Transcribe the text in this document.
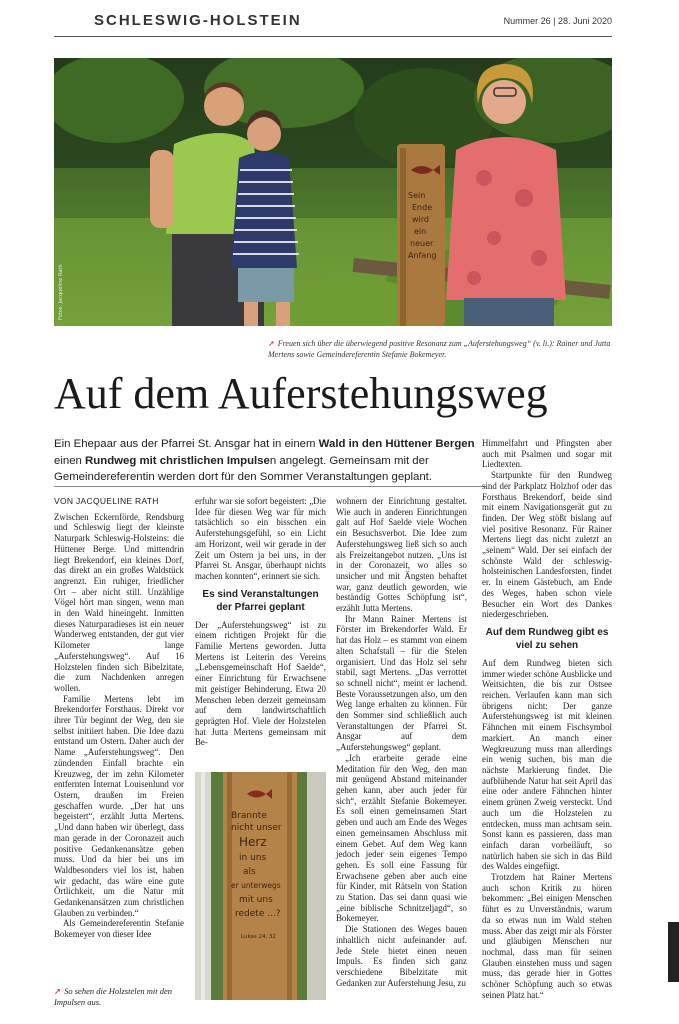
SCHLESWIG-HOLSTEIN	Nummer 26 | 28. Juni 2020
Sein
Ende
wird
ein
neuer
Anfang
Fotos: Jacqueline Rath
➚ Freuen sich über die überwiegend positive Resonanz zum „Auferstehungsweg“ (v. li.): Rainer und Jutta Mertens sowie Gemeindereferentin Stefanie Bokemeyer.
Auf dem Auferstehungsweg
Ein Ehepaar aus der Pfarrei St. Ansgar hat in einem Wald in den Hüttener Bergen einen Rundweg mit christlichen Impulsen angelegt. Gemeinsam mit der Gemeindereferentin werden dort für den Sommer Veranstaltungen geplant.
VON JACQUELINE RATH

Zwischen Eckernförde, Rendsburg und Schleswig liegt der kleinste Naturpark Schleswig-Holsteins: die Hüttener Berge. Und mittendrin liegt Brekendorf, ein kleines Dorf, das direkt an ein großes Waldstück angrenzt. Ein ruhiger, friedlicher Ort – aber nicht still. Unzählige Vögel hört man singen, wenn man in den Wald hineingeht. Inmitten dieses Naturparadieses ist ein neuer Wanderweg entstanden, der gut vier Kilometer lange „Auferstehungsweg“. Auf 16 Holzstelen finden sich Bibelzitate, die zum Nachdenken anregen wollen.

Familie Mertens lebt im Brekendorfer Forsthaus. Direkt vor ihrer Tür beginnt der Weg, den sie selbst initiiert haben. Die Idee dazu entstand um Ostern. Daher auch der Name „Auferstehungsweg“. Den zündenden Einfall brachte ein Kreuzweg, der im zehn Kilometer entfernten Internat Louisenlund vor Ostern, draußen im Freien geschaffen wurde. „Der hat uns begeistert“, erzählt Jutta Mertens. „Und dann haben wir überlegt, dass man gerade in der Coronazeit auch positive Gedankenansätze geben muss. Und da hier bei uns im Waldbesonders viel los ist, haben wir gedacht, das wäre eine gute Örtlichkeit, um die Natur mit Gedankenansätzen zum christlichen Glauben zu verbinden.“

Als Gemeindereferentin Stefanie Bokemeyer von dieser Idee

erfuhr war sie sofort begeistert: „Die Idee für diesen Weg war für mich tatsächlich so ein bisschen ein Auferstehungsgefühl, so ein Licht am Horizont, weil wir gerade in der Zeit um Ostern ja bei uns, in der Pfarrei St. Ansgar, überhaupt nichts machen konnten“, erinnert sie sich.

Es sind Veranstaltungen der Pfarrei geplant

Der „Auferstehungsweg“ ist zu einem richtigen Projekt für die Familie Mertens geworden. Jutta Mertens ist Leiterin des Vereins „Lebensgemeinschaft Hof Saelde“, einer Einrichtung für Erwachsene mit geistiger Behinderung. Etwa 20 Menschen leben derzeit gemeinsam auf dem landwirtschaftlich geprägten Hof. Viele der Holzstelen hat Jutta Mertens gemeinsam mit Be-

Brannte
nicht unser
Herz
in uns
als
er unterwegs
mit uns
redete ...?
Lukas 24, 32
➚ So sehen die Holzstelen mit den Impulsen aus.

wohnern der Einrichtung gestaltet. Wie auch in anderen Einrichtungen galt auf Hof Saelde viele Wochen ein Besuchsverbot. Die Idee zum Auferstehungsweg ließ sich so auch als Freizeitangebot nutzen. „Uns ist in der Coronazeit, wo alles so unsicher und mit Ängsten behaftet war, ganz deutlich geworden, wie beständig Gottes Schöpfung ist“, erzählt Jutta Mertens.

Ihr Mann Rainer Mertens ist Förster im Brekendorfer Wald. Er hat das Holz – es stammt von einem alten Schafstall – für die Stelen organisiert. Und das Holz sei sehr stabil, sagt Mertens. „Das verrottet so schnell nicht“, meint er lachend. Beste Voraussetzungen also, um den Weg lange erhalten zu können. Für den Sommer sind schließlich auch Veranstaltungen der Pfarrei St. Ansgar auf dem „Auferstehungsweg“ geplant.

„Ich erarbeite gerade eine Meditation für den Weg, den man mit genügend Abstand miteinander gehen kann, aber auch jeder für sich“, erzählt Stefanie Bokemeyer. Es soll einen gemeinsamen Start geben und auch am Ende des Weges einen gemeinsamen Abschluss mit einem Gebet. Auf dem Weg kann jedoch jeder sein eigenes Tempo gehen. Es soll eine Fassung für Erwachsene geben aber auch eine für Kinder, mit Rätseln von Station zu Station. Das sei dann quasi wie „eine biblische Schnitzeljagd“, so Bokemeyer.

Die Stationen des Weges bauen inhaltlich nicht aufeinander auf. Jede Stele bietet einen neuen Impuls. Es finden sich ganz verschiedene Bibelzitate mit Gedanken zur Auferstehung Jesu, zu

Himmelfahrt und Pfingsten aber auch mit Psalmen und sogar mit Liedtexten.

Startpunkte für den Rundweg sind der Parkplatz Holzhof oder das Forsthaus Brekendorf, beide sind mit einem Navigationsgerät gut zu finden. Der Weg stößt bislang auf viel positive Resonanz. Für Rainer Mertens liegt das nicht zuletzt an „seinem“ Wald. Der sei einfach der schönste Wald der schleswig-holsteinischen Landesforsten, findet er. In einem Gästebuch, am Ende des Weges, haben schon viele Besucher ein Wort des Dankes niedergeschrieben.

Auf dem Rundweg gibt es viel zu sehen

Auf dem Rundweg bieten sich immer wieder schöne Ausblicke und Weitsichten, die bis zur Ostsee reichen. Verlaufen kann man sich übrigens nicht: Der ganze Auferstehungsweg ist mit kleinen Fähnchen mit einem Fischsymbol markiert. An manch einer Wegkreuzung muss man allerdings ein wenig suchen, bis man die nächste Markierung findet. Die aufblühende Natur hat seit April das eine oder andere Fähnchen hinter einem grünen Zweig versteckt. Und auch um die Holzstelen zu entdecken, muss man achtsam sein. Sonst kann es passieren, dass man einfach daran vorbeiläuft, so natürlich haben sie sich in das Bild des Waldes eingefügt.

Trotzdem hat Rainer Mertens auch schon Kritik zu hören bekommen: „Bei einigen Menschen führt es zu Unverständnis, warum da so etwas nun im Wald stehen muss. Aber das zeigt mir als Förster und gläubigen Menschen nur nochmal, dass man für seinen Glauben einstehen muss und sagen muss, das gerade hier in Gottes schöner Schöpfung auch so etwas seinen Platz hat.“
